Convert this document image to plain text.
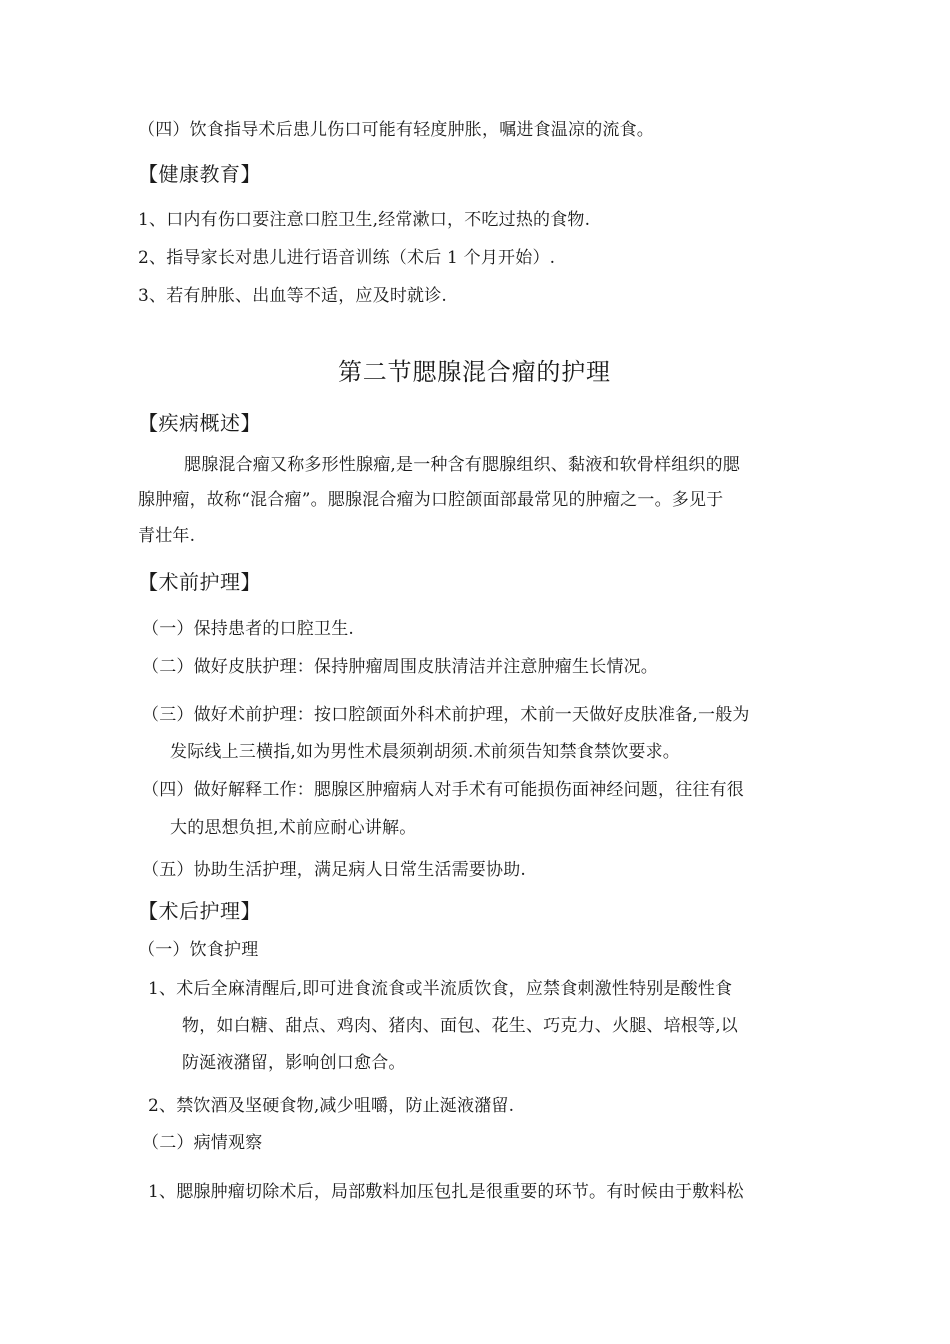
（四）饮食指导术后患儿伤口可能有轻度肿胀，嘱进食温凉的流食。
【健康教育】
1、口内有伤口要注意口腔卫生,经常漱口，不吃过热的食物.
2、指导家长对患儿进行语音训练（术后 1 个月开始）.
3、若有肿胀、出血等不适，应及时就诊.
第二节腮腺混合瘤的护理
【疾病概述】
腮腺混合瘤又称多形性腺瘤,是一种含有腮腺组织、黏液和软骨样组织的腮
腺肿瘤，故称“混合瘤”。腮腺混合瘤为口腔颌面部最常见的肿瘤之一。多见于
青壮年.
【术前护理】
（一）保持患者的口腔卫生.
（二）做好皮肤护理：保持肿瘤周围皮肤清洁并注意肿瘤生长情况。
（三）做好术前护理：按口腔颌面外科术前护理，术前一天做好皮肤准备,一般为
发际线上三横指,如为男性术晨须剃胡须.术前须告知禁食禁饮要求。
（四）做好解释工作：腮腺区肿瘤病人对手术有可能损伤面神经问题，往往有很
大的思想负担,术前应耐心讲解。
（五）协助生活护理，满足病人日常生活需要协助.
【术后护理】
（一）饮食护理
1、术后全麻清醒后,即可进食流食或半流质饮食，应禁食刺激性特别是酸性食
物，如白糖、甜点、鸡肉、猪肉、面包、花生、巧克力、火腿、培根等,以
防涎液潴留，影响创口愈合。
2、禁饮酒及坚硬食物,减少咀嚼，防止涎液潴留.
（二）病情观察
1、腮腺肿瘤切除术后，局部敷料加压包扎是很重要的环节。有时候由于敷料松
